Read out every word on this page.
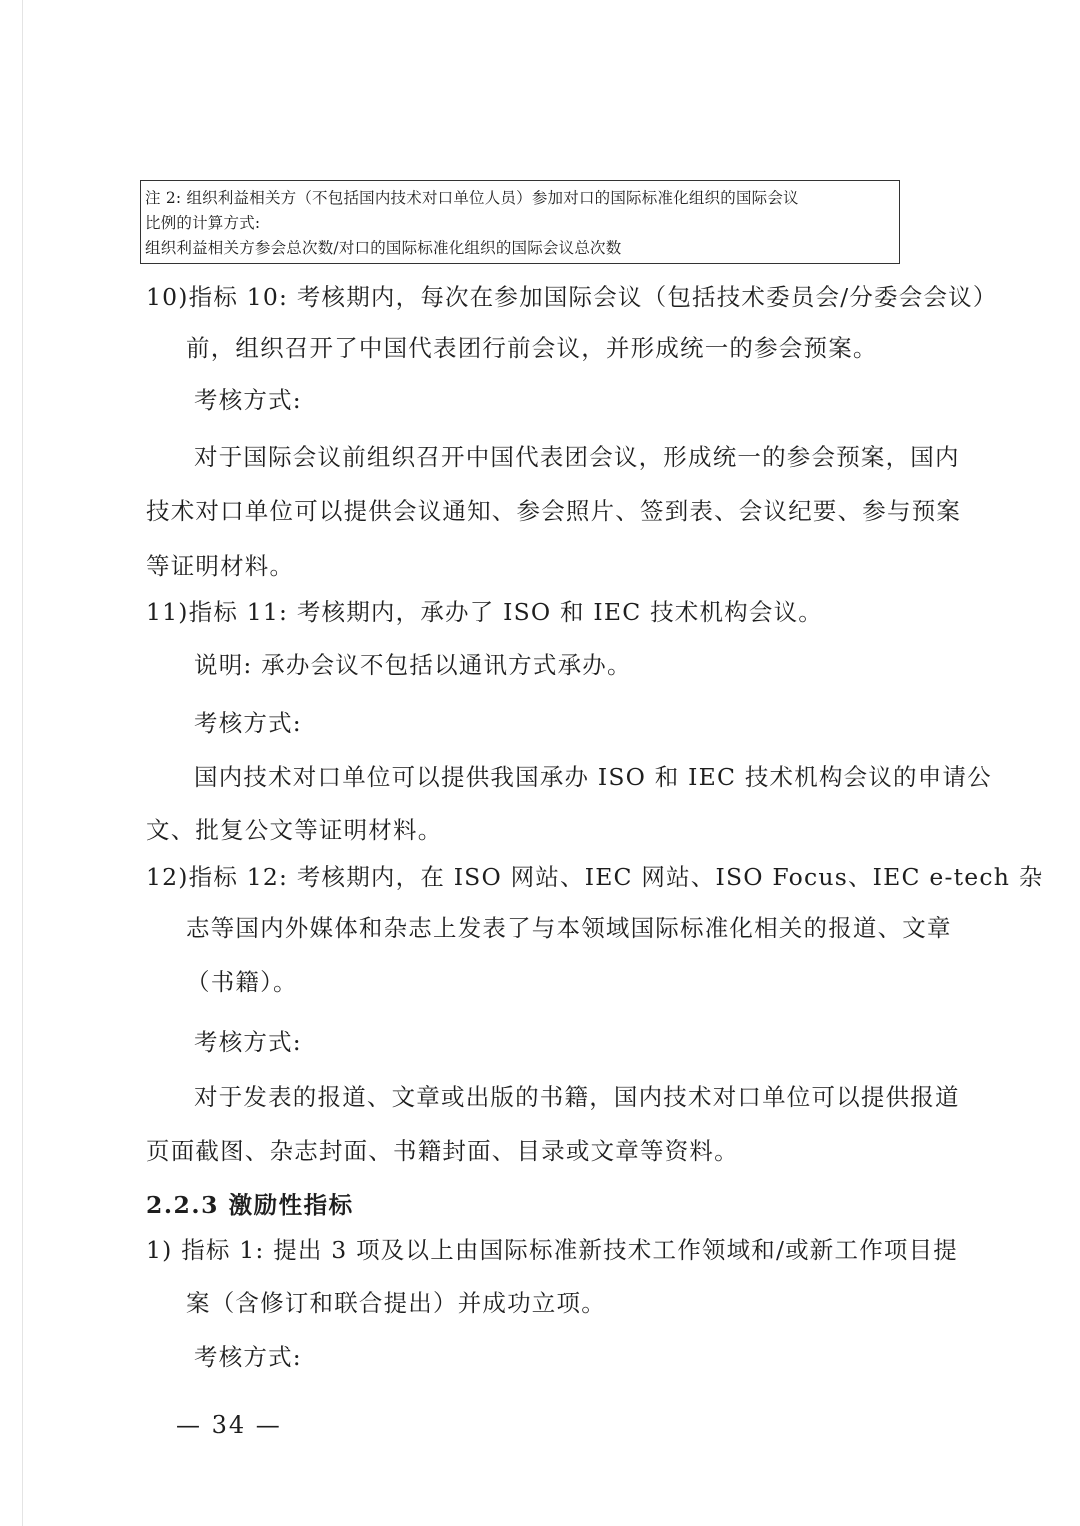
注 2: 组织利益相关方（不包括国内技术对口单位人员）参加对口的国际标准化组织的国际会议
比例的计算方式:
组织利益相关方参会总次数/对口的国际标准化组织的国际会议总次数
10)指标 10: 考核期内，每次在参加国际会议（包括技术委员会/分委会会议）
前，组织召开了中国代表团行前会议，并形成统一的参会预案。
考核方式:
对于国际会议前组织召开中国代表团会议，形成统一的参会预案，国内
技术对口单位可以提供会议通知、参会照片、签到表、会议纪要、参与预案
等证明材料。
11)指标 11: 考核期内，承办了 ISO 和 IEC 技术机构会议。
说明: 承办会议不包括以通讯方式承办。
考核方式:
国内技术对口单位可以提供我国承办 ISO 和 IEC 技术机构会议的申请公
文、批复公文等证明材料。
12)指标 12: 考核期内，在 ISO 网站、IEC 网站、ISO Focus、IEC e-tech 杂
志等国内外媒体和杂志上发表了与本领域国际标准化相关的报道、文章
（书籍）。
考核方式:
对于发表的报道、文章或出版的书籍，国内技术对口单位可以提供报道
页面截图、杂志封面、书籍封面、目录或文章等资料。
2.2.3 激励性指标
1) 指标 1: 提出 3 项及以上由国际标准新技术工作领域和/或新工作项目提
案（含修订和联合提出）并成功立项。
考核方式:
— 34 —
